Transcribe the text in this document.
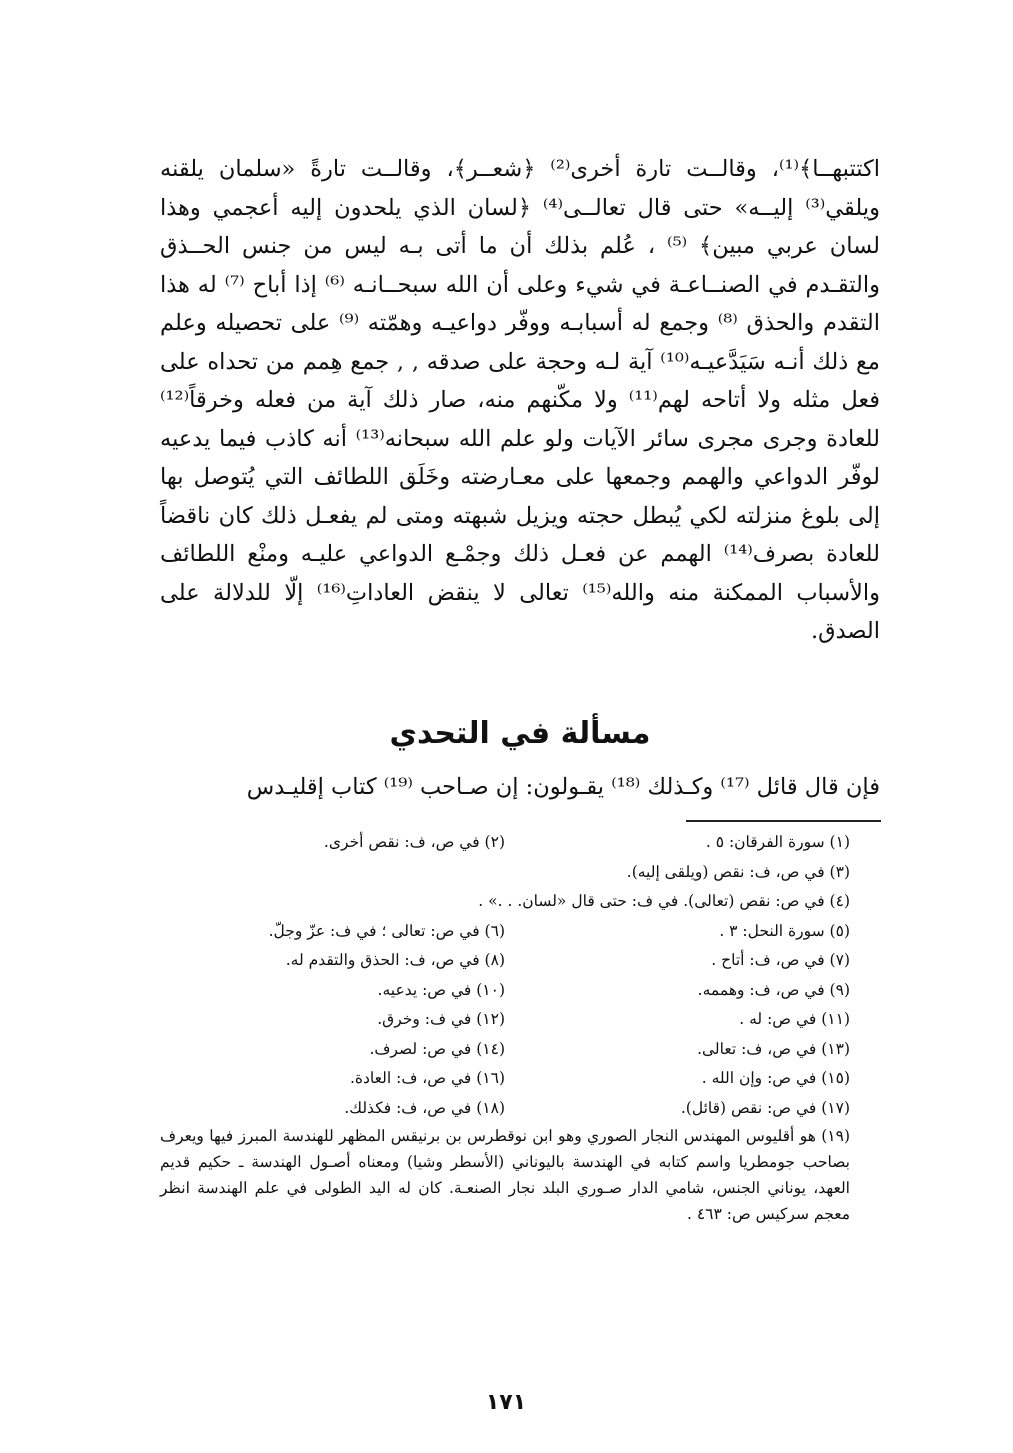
اكتتبهــا﴾⁽¹⁾، وقالــت تارة أخرى⁽²⁾ ﴿شعــر﴾، وقالــت تارةً «سلمان يلقنه ويلقي⁽³⁾ إليــه» حتى قال تعالــى⁽⁴⁾ ﴿لسان الذي يلحدون إليه أعجمي وهذا لسان عربي مبين﴾ ⁽⁵⁾ ، عُلم بذلك أن ما أتى بـه ليس من جنس الحــذق والتقـدم في الصنــاعـة في شيء وعلى أن الله سبحــانـه ⁽⁶⁾ إذا أباح ⁽⁷⁾ له هذا التقدم والحذق ⁽⁸⁾ وجمع له أسبابـه ووفّر دواعيـه وهمّته ⁽⁹⁾ على تحصيله وعلم مع ذلك أنـه سَيَدَّعيـه⁽¹⁰⁾ آية لـه وحجة على صدقه , , جمع هِمم من تحداه على فعل مثله ولا أتاحه لهم⁽¹¹⁾ ولا مكّنهم منه، صار ذلك آية من فعله وخرقاً⁽¹²⁾ للعادة وجرى مجرى سائر الآيات ولو علم الله سبحانه⁽¹³⁾ أنه كاذب فيما يدعيه لوفّر الدواعي والهمم وجمعها على معـارضته وخَلَق اللطائف التي يُتوصل بها إلى بلوغ منزلته لكي يُبطل حجته ويزيل شبهته ومتى لم يفعـل ذلك كان ناقضاً للعادة بصرف⁽¹⁴⁾ الهمم عن فعـل ذلك وجمْـع الدواعي عليـه ومنْع اللطائف والأسباب الممكنة منه والله⁽¹⁵⁾ تعالى لا ينقض العاداتِ⁽¹⁶⁾ إلّا للدلالة على الصدق.

مسألة في التحدي
فإن قال قائل ⁽¹⁷⁾ وكـذلك ⁽¹⁸⁾ يقـولون: إن صـاحب ⁽¹⁹⁾ كتاب إقليـدس
(١) سورة الفرقان: ٥ .
(٢) في ص، ف: نقص أخرى.
(٣) في ص، ف: نقص (ويلقى إليه).
(٤) في ص: نقص (تعالى). في ف: حتى قال «لسان. . .» .
(٥) سورة النحل: ٣ .
(٦) في ص: تعالى ؛ في ف: عزّ وجلّ.
(٧) في ص، ف: أتاح .
(٨) في ص، ف: الحذق والتقدم له.
(٩) في ص، ف: وهممه.
(١٠) في ص: يدعيه.
(١١) في ص: له .
(١٢) في ف: وخرق.
(١٣) في ص، ف: تعالى.
(١٤) في ص: لصرف.
(١٥) في ص: وإن الله .
(١٦) في ص، ف: العادة.
(١٧) في ص: نقص (قائل).
(١٨) في ص، ف: فكذلك.
(١٩) هو أقليوس المهندس النجار الصوري وهو ابن نوقطرس بن برنيقس المظهر للهندسة المبرز فيها ويعرف بصاحب جومطريا واسم كتابه في الهندسة باليوناني (الأسطر وشيا) ومعناه أصـول الهندسة ـ حكيم قديم العهد، يوناني الجنس، شامي الدار صـوري البلد نجار الصنعـة. كان له اليد الطولى في علم الهندسة انظر معجم سركيس ص: ٤٦٣ .
١٧١
